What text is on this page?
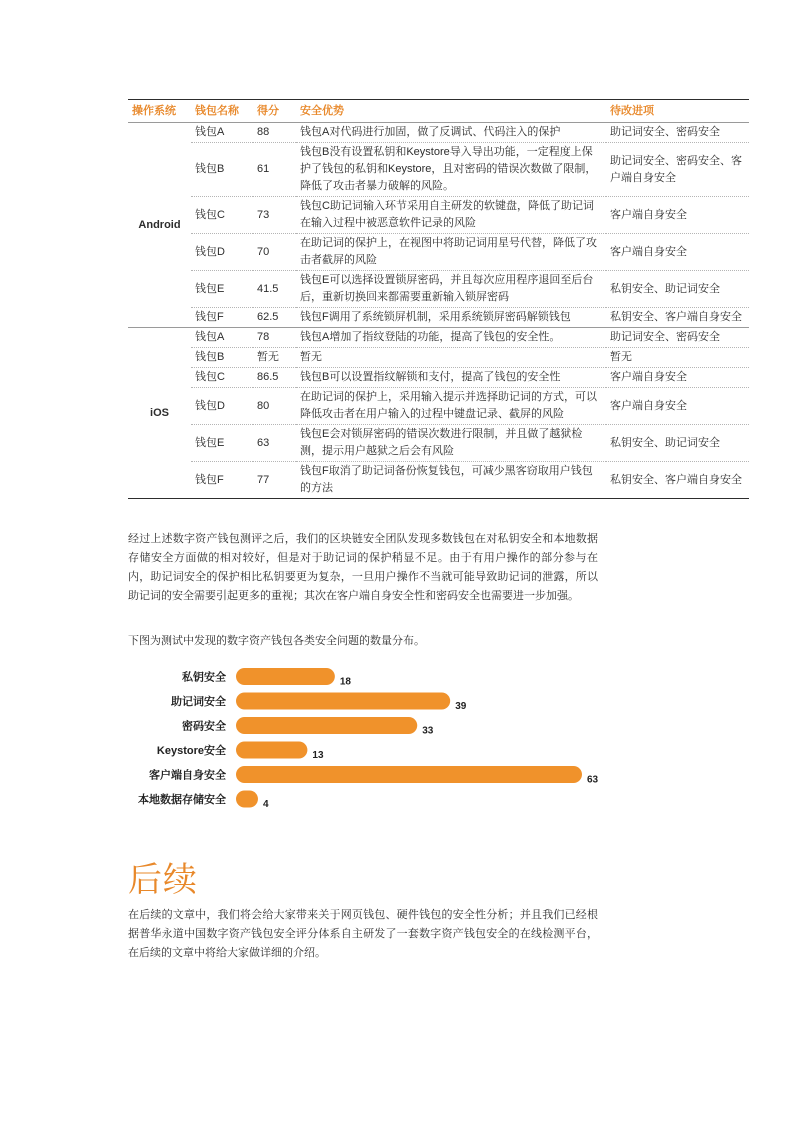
操作系统	钱包名称	得分	安全优势	待改进项
Android	钱包A	88	钱包A对代码进行加固，做了反调试、代码注入的保护	助记词安全、密码安全
	钱包B	61	钱包B没有设置私钥和Keystore导入导出功能，一定程度上保护了钱包的私钥和Keystore，且对密码的错误次数做了限制，降低了攻击者暴力破解的风险。	助记词安全、密码安全、客户端自身安全
	钱包C	73	钱包C助记词输入环节采用自主研发的软键盘，降低了助记词在输入过程中被恶意软件记录的风险	客户端自身安全
	钱包D	70	在助记词的保护上，在视图中将助记词用星号代替，降低了攻击者截屏的风险	客户端自身安全
	钱包E	41.5	钱包E可以选择设置锁屏密码，并且每次应用程序退回至后台后，重新切换回来都需要重新输入锁屏密码	私钥安全、助记词安全
	钱包F	62.5	钱包F调用了系统锁屏机制，采用系统锁屏密码解锁钱包	私钥安全、客户端自身安全
iOS	钱包A	78	钱包A增加了指纹登陆的功能，提高了钱包的安全性。	助记词安全、密码安全
	钱包B	暂无	暂无	暂无
	钱包C	86.5	钱包B可以设置指纹解锁和支付，提高了钱包的安全性	客户端自身安全
	钱包D	80	在助记词的保护上，采用输入提示并选择助记词的方式，可以降低攻击者在用户输入的过程中键盘记录、截屏的风险	客户端自身安全
	钱包E	63	钱包E会对锁屏密码的错误次数进行限制，并且做了越狱检测，提示用户越狱之后会有风险	私钥安全、助记词安全
	钱包F	77	钱包F取消了助记词备份恢复钱包，可减少黑客窃取用户钱包的方法	私钥安全、客户端自身安全

经过上述数字资产钱包测评之后，我们的区块链安全团队发现多数钱包在对私钥安全和本地数据存储安全方面做的相对较好，但是对于助记词的保护稍显不足。由于有用户操作的部分参与在内，助记词安全的保护相比私钥要更为复杂，一旦用户操作不当就可能导致助记词的泄露，所以助记词的安全需要引起更多的重视；其次在客户端自身安全性和密码安全也需要进一步加强。

下图为测试中发现的数字资产钱包各类安全问题的数量分布。

私钥安全	18
助记词安全	39
密码安全	33
Keystore安全	13
客户端自身安全	63
本地数据存储安全	4
后续

在后续的文章中，我们将会给大家带来关于网页钱包、硬件钱包的安全性分析；并且我们已经根据普华永道中国数字资产钱包安全评分体系自主研发了一套数字资产钱包安全的在线检测平台，在后续的文章中将给大家做详细的介绍。
